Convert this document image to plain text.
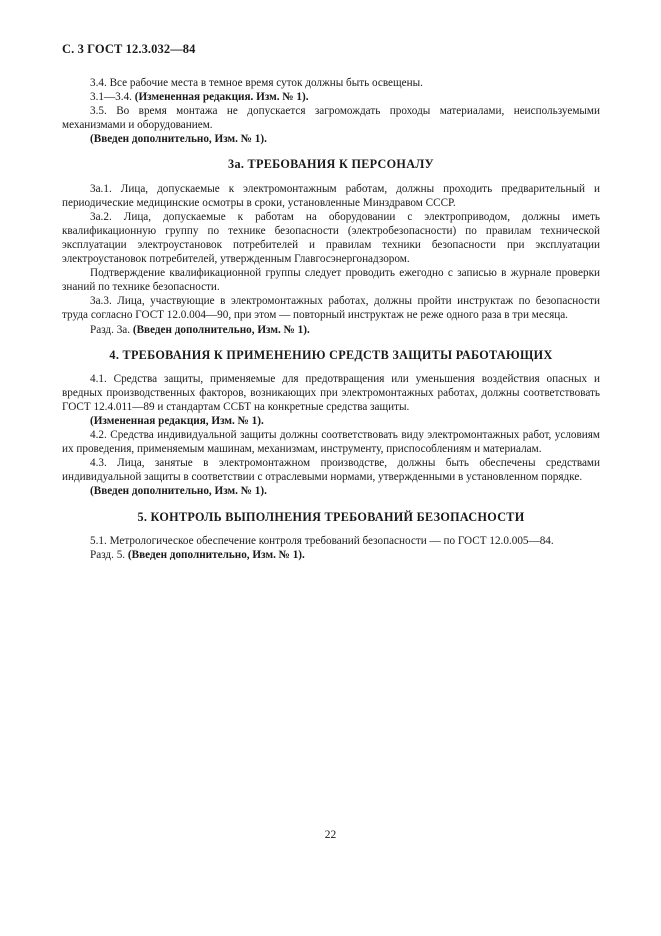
С. 3 ГОСТ 12.3.032—84

3.4. Все рабочие места в темное время суток должны быть освещены.

3.1—3.4. (Измененная редакция. Изм. № 1).

3.5. Во время монтажа не допускается загромождать проходы материалами, неиспользуемыми механизмами и оборудованием.

(Введен дополнительно, Изм. № 1).

3а. ТРЕБОВАНИЯ К ПЕРСОНАЛУ

3а.1. Лица, допускаемые к электромонтажным работам, должны проходить предварительный и периодические медицинские осмотры в сроки, установленные Минздравом СССР.

3а.2. Лица, допускаемые к работам на оборудовании с электроприводом, должны иметь квалификационную группу по технике безопасности (электробезопасности) по правилам технической эксплуатации электроустановок потребителей и правилам техники безопасности при эксплуатации электроустановок потребителей, утвержденным Главгосэнергонадзором.

Подтверждение квалификационной группы следует проводить ежегодно с записью в журнале проверки знаний по технике безопасности.

3а.3. Лица, участвующие в электромонтажных работах, должны пройти инструктаж по безопасности труда согласно ГОСТ 12.0.004—90, при этом — повторный инструктаж не реже одного раза в три месяца.

Разд. 3а. (Введен дополнительно, Изм. № 1).

4. ТРЕБОВАНИЯ К ПРИМЕНЕНИЮ СРЕДСТВ ЗАЩИТЫ РАБОТАЮЩИХ

4.1. Средства защиты, применяемые для предотвращения или уменьшения воздействия опасных и вредных производственных факторов, возникающих при электромонтажных работах, должны соответствовать ГОСТ 12.4.011—89 и стандартам ССБТ на конкретные средства защиты.

(Измененная редакция, Изм. № 1).

4.2. Средства индивидуальной защиты должны соответствовать виду электромонтажных работ, условиям их проведения, применяемым машинам, механизмам, инструменту, приспособлениям и материалам.

4.3. Лица, занятые в электромонтажном производстве, должны быть обеспечены средствами индивидуальной защиты в соответствии с отраслевыми нормами, утвержденными в установленном порядке.

(Введен дополнительно, Изм. № 1).

5. КОНТРОЛЬ ВЫПОЛНЕНИЯ ТРЕБОВАНИЙ БЕЗОПАСНОСТИ

5.1. Метрологическое обеспечение контроля требований безопасности — по ГОСТ 12.0.005—84.

Разд. 5. (Введен дополнительно, Изм. № 1).

22
